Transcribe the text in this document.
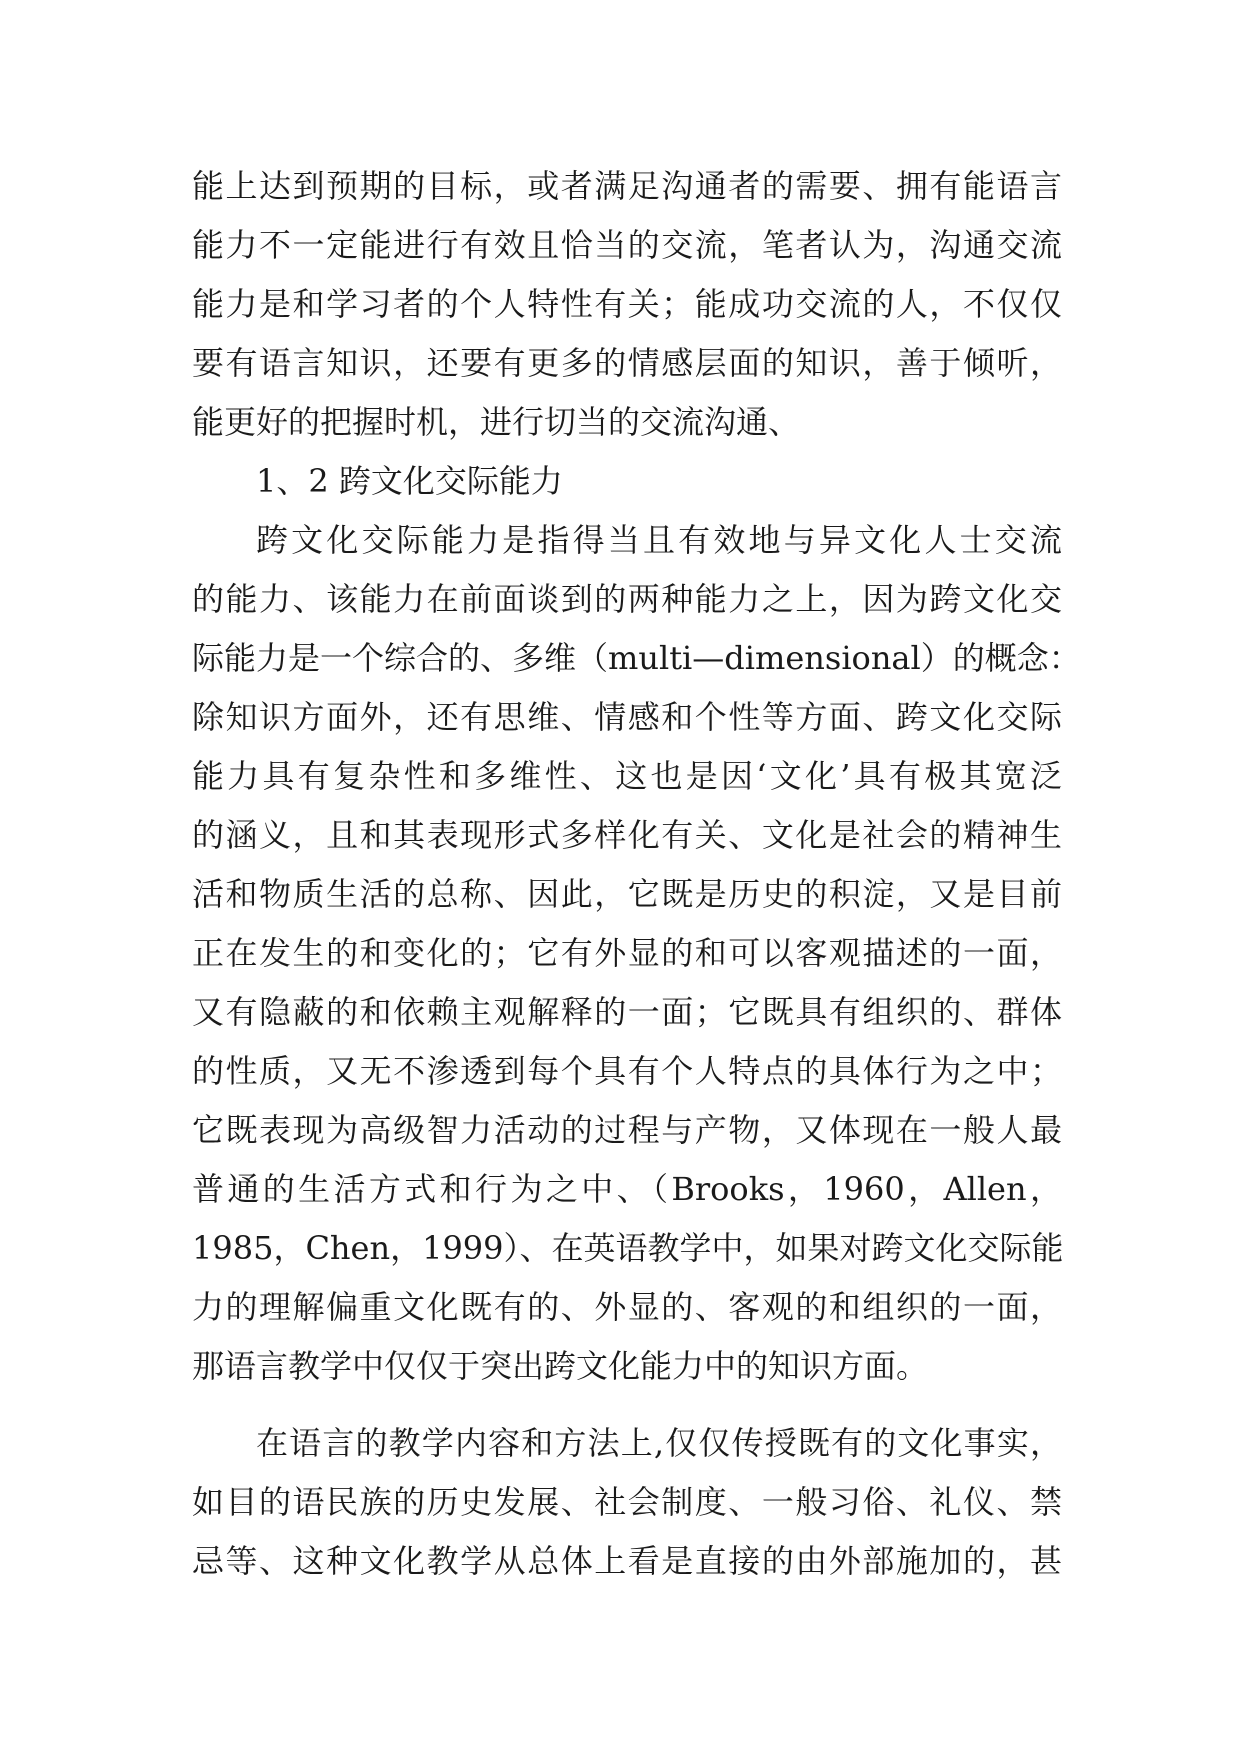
能上达到预期的目标，或者满足沟通者的需要、拥有能语言
能力不一定能进行有效且恰当的交流，笔者认为，沟通交流
能力是和学习者的个人特性有关；能成功交流的人，不仅仅
要有语言知识，还要有更多的情感层面的知识，善于倾听，
能更好的把握时机，进行切当的交流沟通、
1、2 跨文化交际能力
跨文化交际能力是指得当且有效地与异文化人士交流
的能力、该能力在前面谈到的两种能力之上，因为跨文化交
际能力是一个综合的、多维（multi—dimensional）的概念：
除知识方面外，还有思维、情感和个性等方面、跨文化交际
能力具有复杂性和多维性、这也是因‘文化’具有极其宽泛
的涵义，且和其表现形式多样化有关、文化是社会的精神生
活和物质生活的总称、因此，它既是历史的积淀，又是目前
正在发生的和变化的；它有外显的和可以客观描述的一面，
又有隐蔽的和依赖主观解释的一面；它既具有组织的、群体
的性质，又无不渗透到每个具有个人特点的具体行为之中；
它既表现为高级智力活动的过程与产物，又体现在一般人最
普通的生活方式和行为之中、（Brooks，1960，Allen，
1985，Chen，1999）、在英语教学中，如果对跨文化交际能
力的理解偏重文化既有的、外显的、客观的和组织的一面，
那语言教学中仅仅于突出跨文化能力中的知识方面。
在语言的教学内容和方法上,仅仅传授既有的文化事实，
如目的语民族的历史发展、社会制度、一般习俗、礼仪、禁
忌等、这种文化教学从总体上看是直接的由外部施加的，甚
